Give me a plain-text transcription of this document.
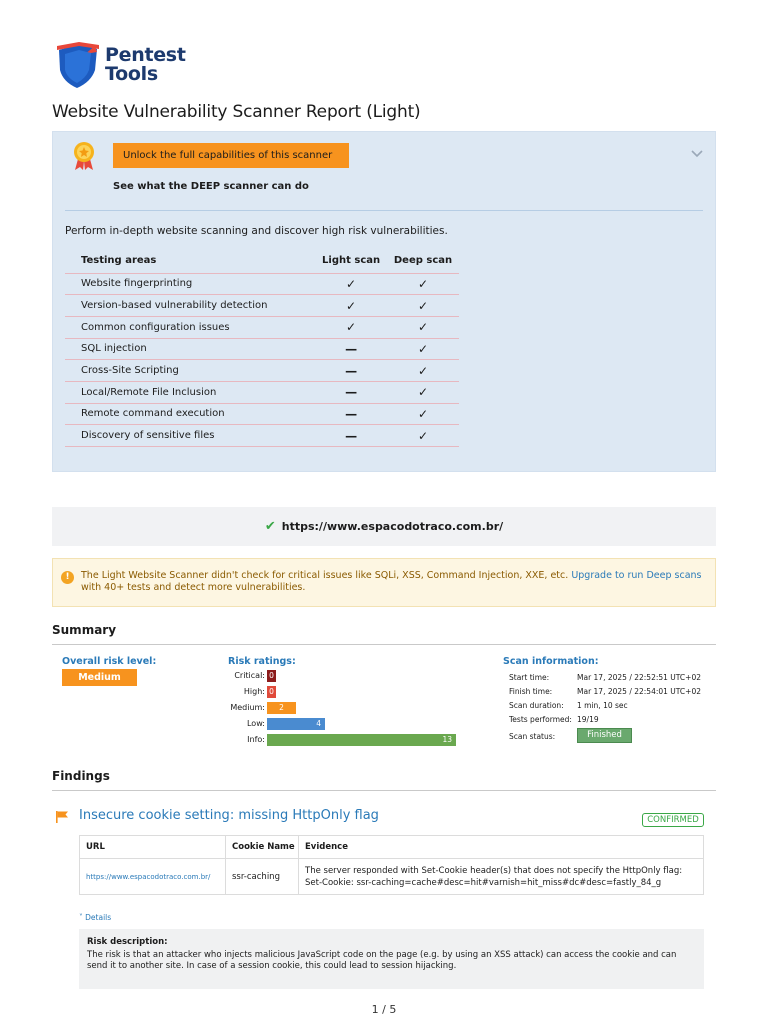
Pentest
Tools
Website Vulnerability Scanner Report (Light)
Unlock the full capabilities of this scanner
See what the DEEP scanner can do
Perform in-depth website scanning and discover high risk vulnerabilities.
Testing areas	Light scan	Deep scan
Website fingerprinting	✓	✓
Version-based vulnerability detection	✓	✓
Common configuration issues	✓	✓
SQL injection	—	✓
Cross-Site Scripting	—	✓
Local/Remote File Inclusion	—	✓
Remote command execution	—	✓
Discovery of sensitive files	—	✓
✔ https://www.espacodotraco.com.br/
!	The Light Website Scanner didn't check for critical issues like SQLi, XSS, Command Injection, XXE, etc. Upgrade to run Deep scans with 40+ tests and detect more vulnerabilities.
Summary
Overall risk level:
Medium
Risk ratings:
Critical: 0
High: 0
Medium:	2
Low:	4
Info:	13
Scan information:
Start time:	Mar 17, 2025 / 22:52:51 UTC+02
Finish time:	Mar 17, 2025 / 22:54:01 UTC+02
Scan duration:	1 min, 10 sec
Tests performed: 19/19
Scan status:	Finished
Findings
Insecure cookie setting: missing HttpOnly flag	CONFIRMED
URL	Cookie Name	Evidence
https://www.espacodotraco.com.br/	ssr-caching	The server responded with Set-Cookie header(s) that does not specify the HttpOnly flag:
Set-Cookie: ssr-caching=cache#desc=hit#varnish=hit_miss#dc#desc=fastly_84_g
˅ Details
Risk description:
The risk is that an attacker who injects malicious JavaScript code on the page (e.g. by using an XSS attack) can access the cookie and can send it to another site. In case of a session cookie, this could lead to session hijacking.
1 / 5
